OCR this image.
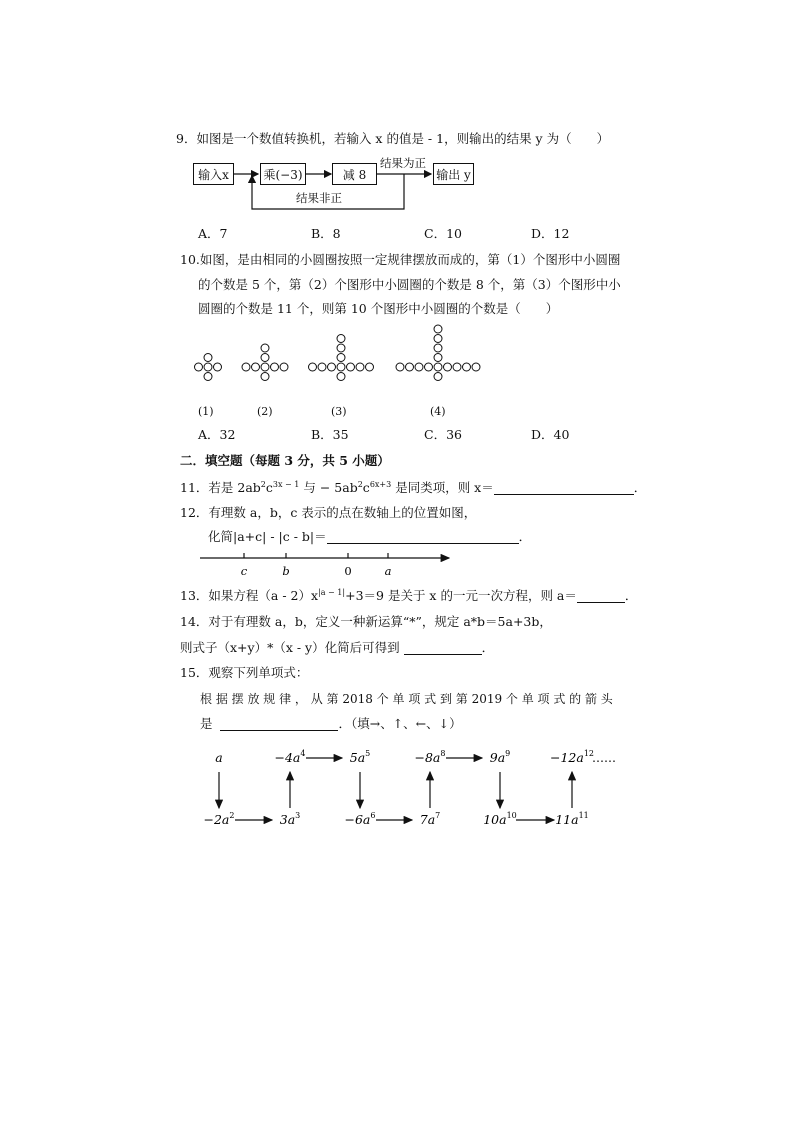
9．如图是一个数值转换机，若输入 x 的值是 - 1，则输出的结果 y 为（　　）
输入x	乘(−3)	减 8	输出 y
结果为正
结果非正
A．7	B．8	C．10	D．12
10.如图，是由相同的小圆圈按照一定规律摆放而成的，第（1）个图形中小圆圈
的个数是 5 个，第（2）个图形中小圆圈的个数是 8 个，第（3）个图形中小
圆圈的个数是 11 个，则第 10 个图形中小圆圈的个数是（　　）
(1)	(2)	(3)	(4)
A．32	B．35	C．36	D．40
二．填空题（每题 3 分，共 5 小题）
11．若是 $2ab^2c^{3x - 1}$ 与 − $5ab^2c^{6x+3}$ 是同类项，则 x＝	．
12．有理数 a，b，c 表示的点在数轴上的位置如图，
化简|a+c| - |c - b|＝	．
c	b	0	a
13．如果方程$(a - 2)x^{|a - 1|}+3=9$ 是关于 x 的一元一次方程，则 a＝	．
14．对于有理数 a，b，定义一种新运算“*”，规定 a*b＝5a+3b，
则式子（x+y）*（x - y）化简后可得到	．
15．观察下列单项式：
根 据 摆 放 规 律 ， 从 第 2018 个 单 项 式 到 第 2019 个 单 项 式 的 箭 头
是	．（填→、↑、←、↓）
a
$-2a^2$	$3a^3$
$-4a^4$	$5a^5$
$-6a^6$	$7a^7$
$-8a^8$	$9a^9$
$10a^{10}$	$11a^{11}$
$-12a^{12}$
……
